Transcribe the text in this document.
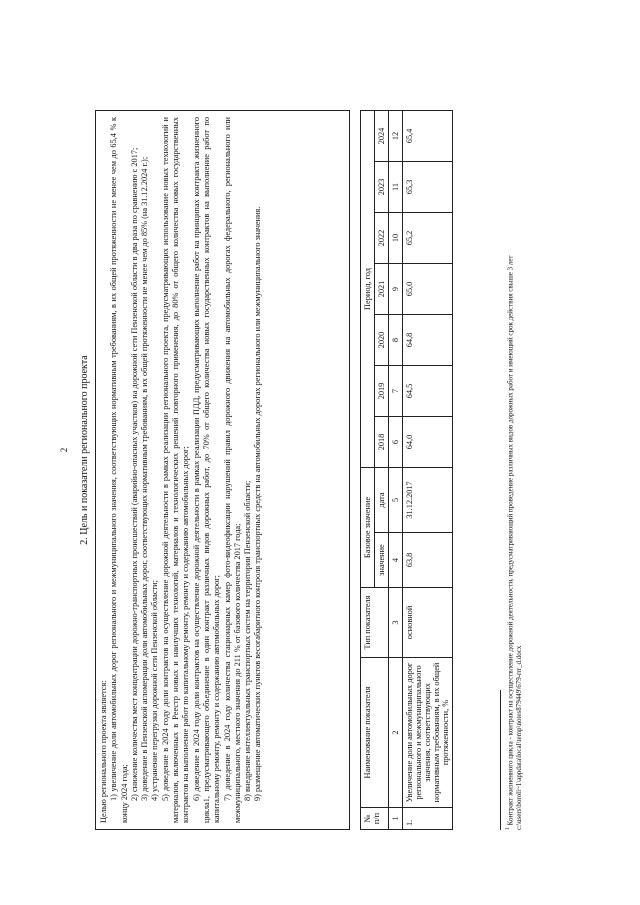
2 2. Цель и показатели регионального проекта

Целью регионального проекта является: 1) увеличение доли автомобильных дорог регионального и межмуниципального значения, соответствующих нормативным требованиям, в их общей протяженности не менее чем до 65,4 % к концу 2024 года; 2) снижение количества мест концентрации дорожно-транспортных происшествий (аварийно-опасных участков) на дорожной сети Пензенской области в два раза по сравнению с 2017; 3) доведение в Пензенской агломерации доли автомобильных дорог, соответствующих нормативным требованиям, в их общей протяженности не менее чем до 85% (на 31.12.2024 г.); 4) устранение перегрузки дорожной сети Пензенской области; 5) доведение в 2024 году доли контрактов на осуществление дорожной деятельности в рамках реализации регионального проекта, предусматривающих использование новых технологий и материалов, включенных в Реестр новых и наилучших технологий, материалов и технологических решений повторного применения, до 80% от общего количества новых государственных контрактов на выполнение работ по капитальному ремонту, ремонту и содержанию автомобильных дорог; 6) доведение в 2024 году доли контрактов на осуществление дорожной деятельности в рамках реализации ПДД, предусматривающих выполнение работ на принципах контракта жизненного цикла1, предусматривающего объединение в один контракт различных видов дорожных работ, до 70% от общего количества новых государственных контрактов на выполнение работ по капитальному ремонту, ремонту и содержанию автомобильных дорог; 7) доведение в 2024 году количества стационарных камер фото-видеофиксации нарушений правил дорожного движения на автомобильных дорогах федерального, регионального или межмуниципального, местного значения до 211 % от базового количества 2017 года; 8) внедрение интеллектуальных транспортных систем на территории Пензенской области; 9) размещение автоматических пунктов весогабаритного контроля транспортных средств на автомобильных дорогах регионального или межмуниципального значения.

№ п/п	Наименование показателя	Тип показателя	Базовое значение		Период, год						
			значение	дата	2018	2019	2020	2021	2022	2023	2024
1	2	3	4	5	6	7	8	9	10	11	12
1.	Увеличение доли автомобильных дорог регионального и межмуниципального значения, соответствующих нормативным требованиям, в их общей протяженности, %	основной	63,8	31.12.2017	64,0	64,5	64,8	65,0	65,2	65,3	65,4
$^1$ Контракт жизненного цикла - контракт на осуществление дорожной деятельности, предусматривающий проведение различных видов дорожных работ и имеющий срок действия свыше 3 лет c:\users\boroli~1\appdata\local\temp\notes879449\679-rrr_d.docx
